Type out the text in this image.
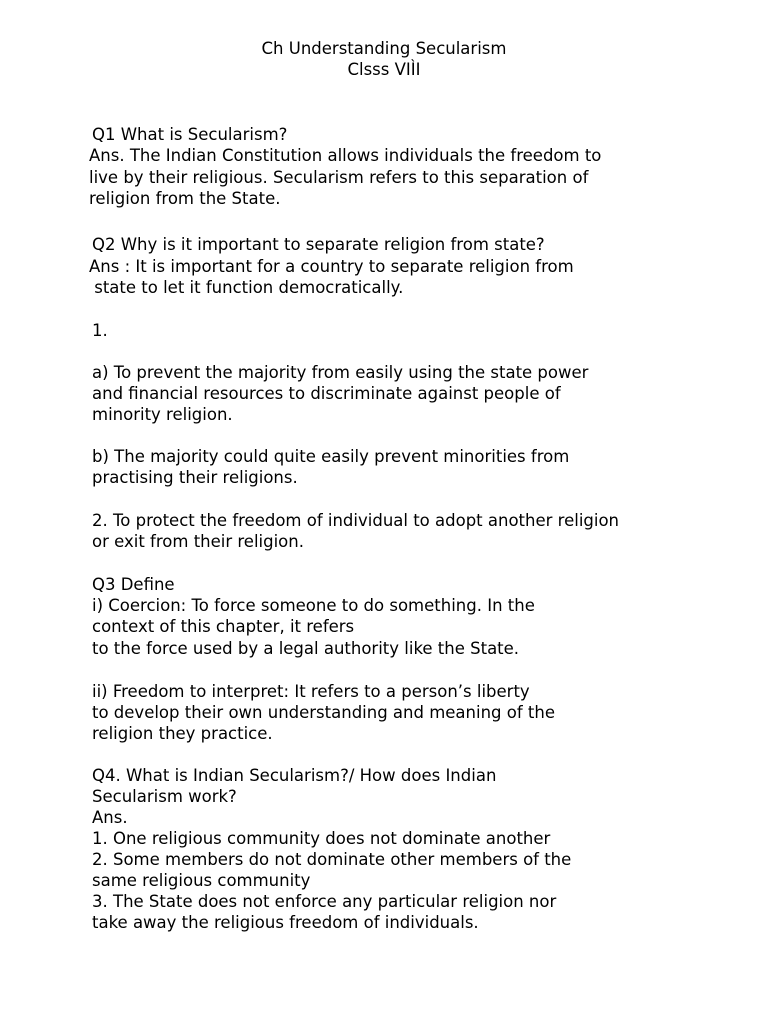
Ch Understanding Secularism

Clsss VIÌI

Q1 What is Secularism?

Ans. The Indian Constitution allows individuals the freedom to

live by their religious. Secularism refers to this separation of

religion from the State.

Q2 Why is it important to separate religion from state?

Ans : It is important for a country to separate religion from

state to let it function democratically.

1.

a) To prevent the majority from easily using the state power

and financial resources to discriminate against people of

minority religion.

b) The majority could quite easily prevent minorities from

practising their religions.

2. To protect the freedom of individual to adopt another religion

or exit from their religion.

Q3 Define

i) Coercion: To force someone to do something. In the

context of this chapter, it refers

to the force used by a legal authority like the State.

ii) Freedom to interpret: It refers to a person’s liberty

to develop their own understanding and meaning of the

religion they practice.

Q4. What is Indian Secularism?/ How does Indian

Secularism work?

Ans.

1. One religious community does not dominate another

2. Some members do not dominate other members of the

same religious community

3. The State does not enforce any particular religion nor

take away the religious freedom of individuals.
